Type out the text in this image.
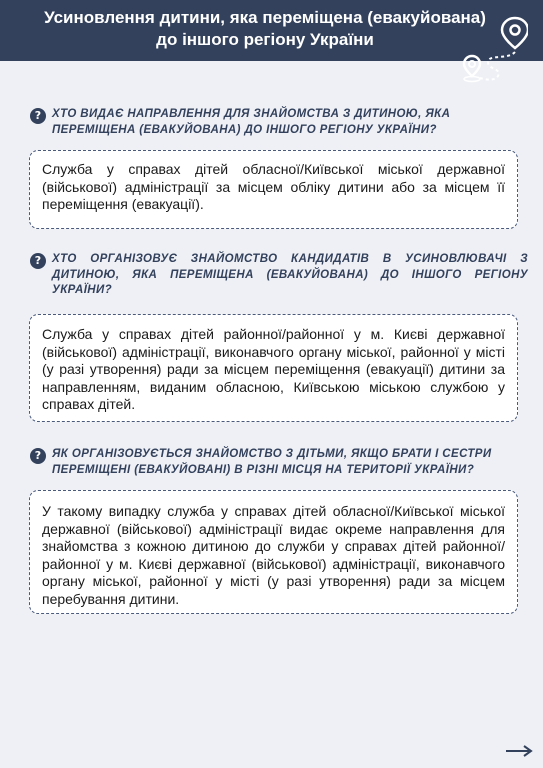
Усиновлення дитини, яка переміщена (евакуйована) до іншого регіону України
? ХТО ВИДАЄ НАПРАВЛЕННЯ ДЛЯ ЗНАЙОМСТВА З ДИТИНОЮ, ЯКА ПЕРЕМІЩЕНА (ЕВАКУЙОВАНА) ДО ІНШОГО РЕГІОНУ УКРАЇНИ?
Служба у справах дітей обласної/Київської міської державної (військової) адміністрації за місцем обліку дитини або за місцем її переміщення (евакуації).
? ХТО ОРГАНІЗОВУЄ ЗНАЙОМСТВО КАНДИДАТІВ В УСИНОВЛЮВАЧІ З ДИТИНОЮ, ЯКА ПЕРЕМІЩЕНА (ЕВАКУЙОВАНА) ДО ІНШОГО РЕГІОНУ УКРАЇНИ?
Служба у справах дітей районної/районної у м. Києві державної (військової) адміністрації, виконавчого органу міської, районної у місті (у разі утворення) ради за місцем переміщення (евакуації) дитини за направленням, виданим обласною, Київською міською службою у справах дітей.
? ЯК ОРГАНІЗОВУЄТЬСЯ ЗНАЙОМСТВО З ДІТЬМИ, ЯКЩО БРАТИ І СЕСТРИ ПЕРЕМІЩЕНІ (ЕВАКУЙОВАНІ) В РІЗНІ МІСЦЯ НА ТЕРИТОРІЇ УКРАЇНИ?
У такому випадку служба у справах дітей обласної/Київської міської державної (військової) адміністрації видає окреме направлення для знайомства з кожною дитиною до служби у справах дітей районної/районної у м. Києві державної (військової) адміністрації, виконавчого органу міської, районної у місті (у разі утворення) ради за місцем перебування дитини.
